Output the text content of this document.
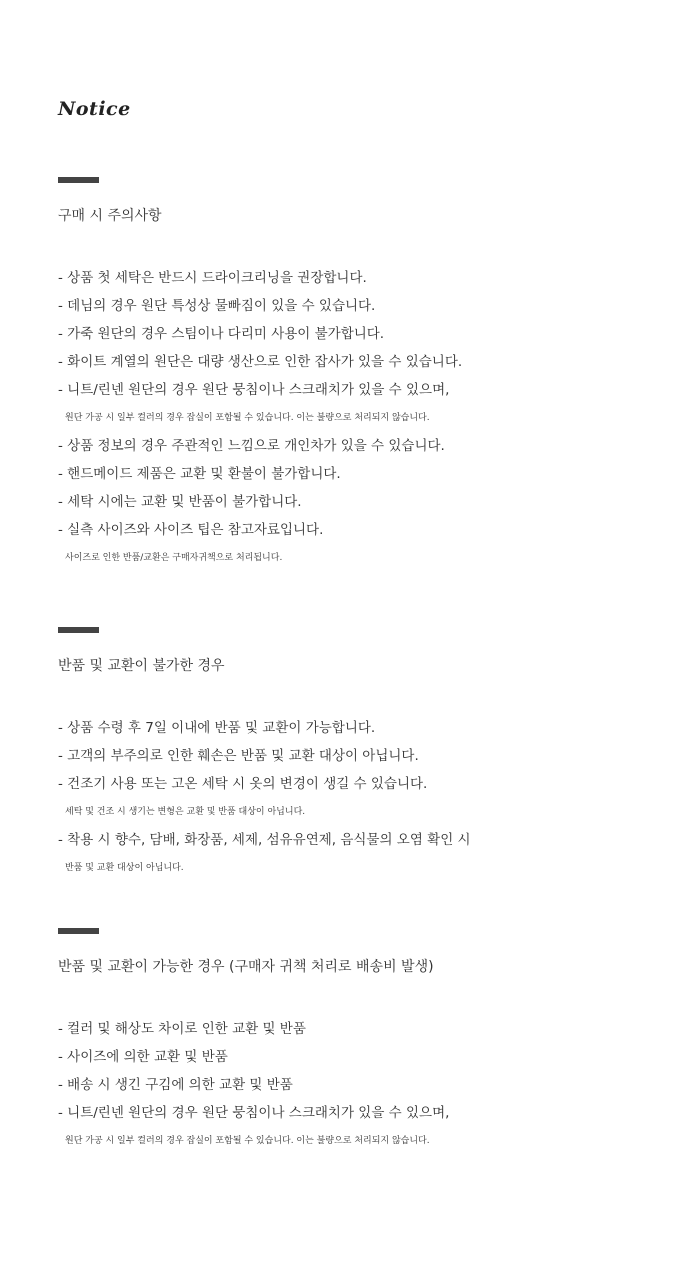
Notice
구매 시 주의사항
- 상품 첫 세탁은 반드시 드라이크리닝을 권장합니다.
- 데님의 경우 원단 특성상 물빠짐이 있을 수 있습니다.
- 가죽 원단의 경우 스팀이나 다리미 사용이 불가합니다.
- 화이트 계열의 원단은 대량 생산으로 인한 잡사가 있을 수 있습니다.
- 니트/린넨 원단의 경우 원단 뭉침이나 스크래치가 있을 수 있으며,
원단 가공 시 일부 컬러의 경우 잡실이 포함될 수 있습니다. 이는 불량으로 처리되지 않습니다.
- 상품 정보의 경우 주관적인 느낌으로 개인차가 있을 수 있습니다.
- 핸드메이드 제품은 교환 및 환불이 불가합니다.
- 세탁 시에는 교환 및 반품이 불가합니다.
- 실측 사이즈와 사이즈 팁은 참고자료입니다.
사이즈로 인한 반품/교환은 구매자귀책으로 처리됩니다.
반품 및 교환이 불가한 경우
- 상품 수령 후 7일 이내에 반품 및 교환이 가능합니다.
- 고객의 부주의로 인한 훼손은 반품 및 교환 대상이 아닙니다.
- 건조기 사용 또는 고온 세탁 시 옷의 변경이 생길 수 있습니다.
세탁 및 건조 시 생기는 변형은 교환 및 반품 대상이 아닙니다.
- 착용 시 향수, 담배, 화장품, 세제, 섬유유연제, 음식물의 오염 확인 시
반품 및 교환 대상이 아닙니다.
반품 및 교환이 가능한 경우 (구매자 귀책 처리로 배송비 발생)
- 컬러 및 해상도 차이로 인한 교환 및 반품
- 사이즈에 의한 교환 및 반품
- 배송 시 생긴 구김에 의한 교환 및 반품
- 니트/린넨 원단의 경우 원단 뭉침이나 스크래치가 있을 수 있으며,
원단 가공 시 일부 컬러의 경우 잡실이 포함될 수 있습니다. 이는 불량으로 처리되지 않습니다.
